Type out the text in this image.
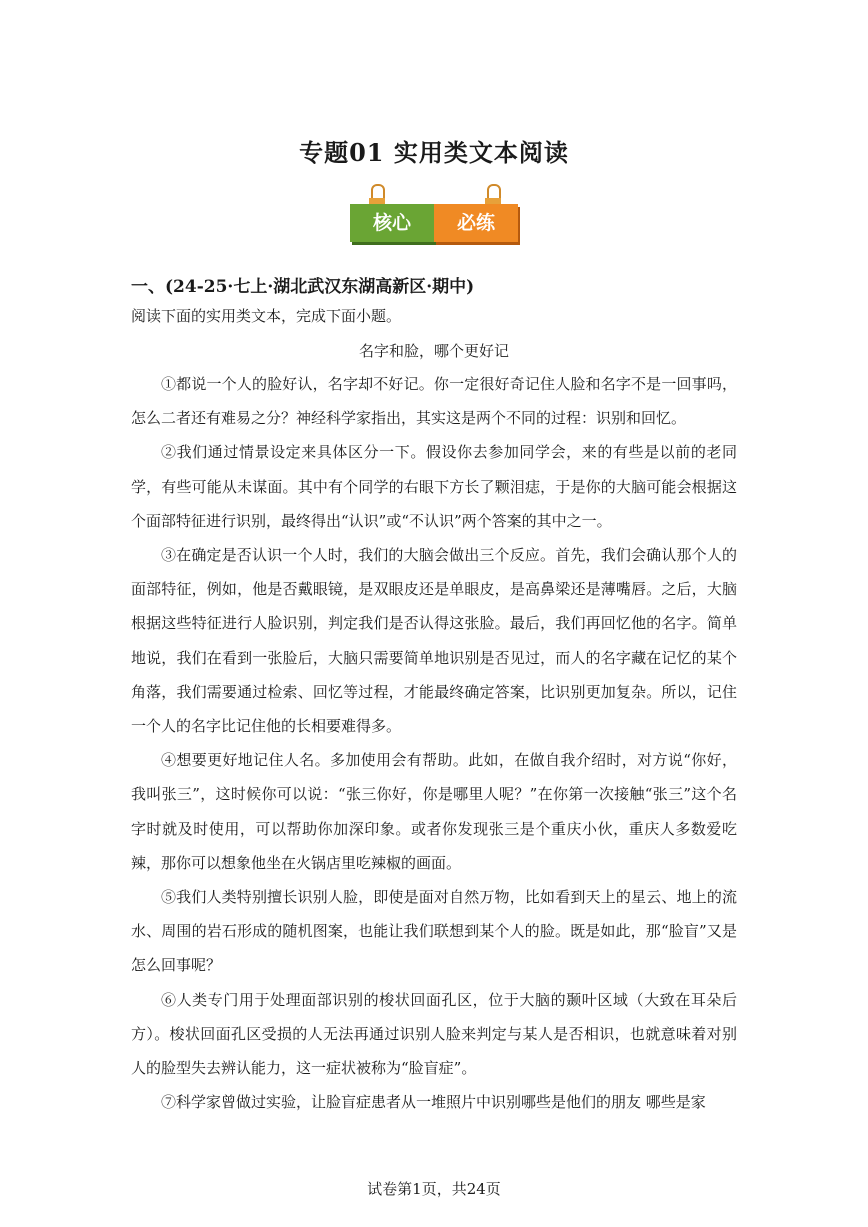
专题01 实用类文本阅读
核心	必练
一、(24-25·七上·湖北武汉东湖高新区·期中)
阅读下面的实用类文本，完成下面小题。
名字和脸，哪个更好记

①都说一个人的脸好认，名字却不好记。你一定很好奇记住人脸和名字不是一回事吗，怎么二者还有难易之分？神经科学家指出，其实这是两个不同的过程：识别和回忆。

②我们通过情景设定来具体区分一下。假设你去参加同学会，来的有些是以前的老同学，有些可能从未谋面。其中有个同学的右眼下方长了颗泪痣，于是你的大脑可能会根据这个面部特征进行识别，最终得出“认识”或“不认识”两个答案的其中之一。

③在确定是否认识一个人时，我们的大脑会做出三个反应。首先，我们会确认那个人的面部特征，例如，他是否戴眼镜，是双眼皮还是单眼皮，是高鼻梁还是薄嘴唇。之后，大脑根据这些特征进行人脸识别，判定我们是否认得这张脸。最后，我们再回忆他的名字。简单地说，我们在看到一张脸后，大脑只需要简单地识别是否见过，而人的名字藏在记忆的某个角落，我们需要通过检索、回忆等过程，才能最终确定答案，比识别更加复杂。所以，记住一个人的名字比记住他的长相要难得多。

④想要更好地记住人名。多加使用会有帮助。此如，在做自我介绍时，对方说“你好，我叫张三”，这时候你可以说：“张三你好，你是哪里人呢？”在你第一次接触“张三”这个名字时就及时使用，可以帮助你加深印象。或者你发现张三是个重庆小伙，重庆人多数爱吃辣，那你可以想象他坐在火锅店里吃辣椒的画面。

⑤我们人类特别擅长识别人脸，即使是面对自然万物，比如看到天上的星云、地上的流水、周围的岩石形成的随机图案，也能让我们联想到某个人的脸。既是如此，那“脸盲”又是怎么回事呢？

⑥人类专门用于处理面部识别的梭状回面孔区，位于大脑的颞叶区域（大致在耳朵后方）。梭状回面孔区受损的人无法再通过识别人脸来判定与某人是否相识，也就意味着对别人的脸型失去辨认能力，这一症状被称为“脸盲症”。

⑦科学家曾做过实验，让脸盲症患者从一堆照片中识别哪些是他们的朋友 哪些是家

试卷第1页，共24页
